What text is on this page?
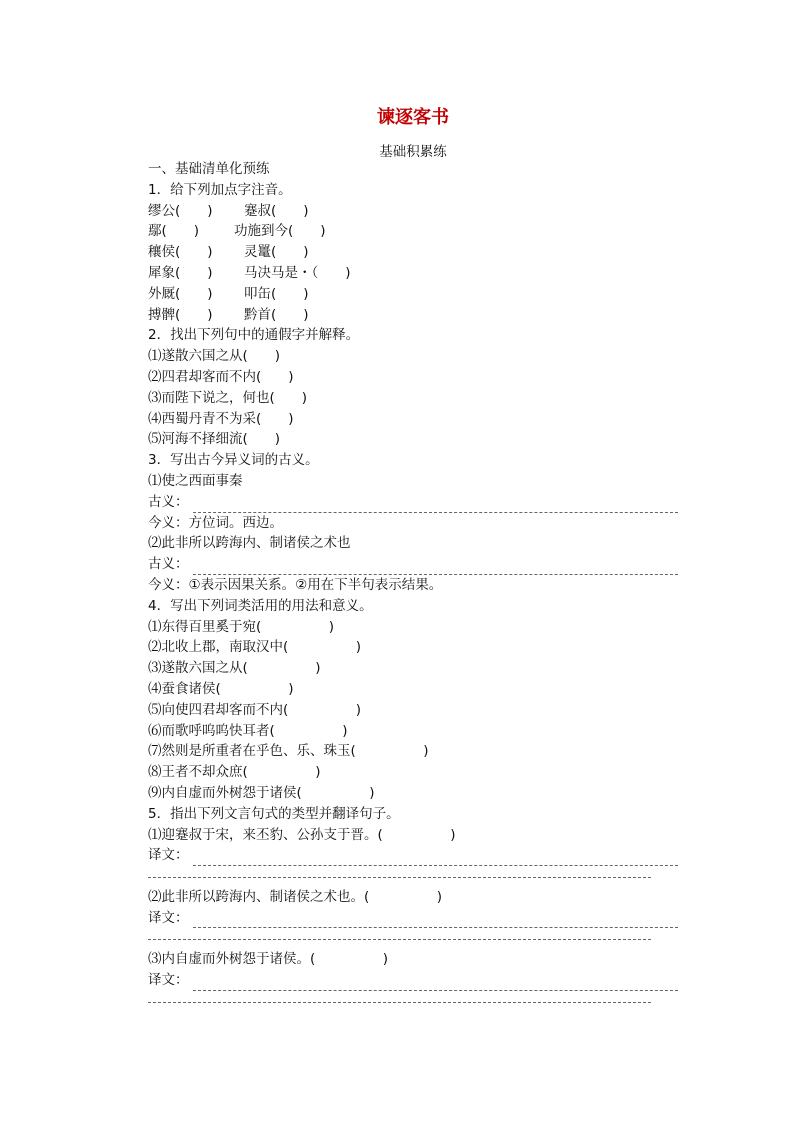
谏逐客书
基础积累练
一、基础清单化预练
1．给下列加点字注音。
缪公(　　) 蹇叔(　　)
鄢(　　)	功施到今(　　)
穰侯(　　) 灵鼍(　　)
犀象(　　) 马决马是・（　　)
外厩(　　) 叩缶(　　)
搏髀(　　) 黔首(　　)
2．找出下列句中的通假字并解释。
⑴遂散六国之从(　　)
⑵四君却客而不内(　　)
⑶而陛下说之，何也(　　)
⑷西蜀丹青不为采(　　)
⑸河海不择细流(　　)
3．写出古今异义词的古义。
⑴使之西面事秦
古义：
今义：方位词。西边。
⑵此非所以跨海内、制诸侯之术也
古义：
今义：①表示因果关系。②用在下半句表示结果。
4．写出下列词类活用的用法和意义。
⑴东得百里奚于宛(　　　　　)
⑵北收上郡，南取汉中(　　　　　)
⑶遂散六国之从(　　　　　)
⑷蚕食诸侯(　　　　　)
⑸向使四君却客而不内(　　　　　)
⑹而歌呼呜呜快耳者(　　　　　)
⑺然则是所重者在乎色、乐、珠玉(　　　　　)
⑻王者不却众庶(　　　　　)
⑼内自虚而外树怨于诸侯(　　　　　)
5．指出下列文言句式的类型并翻译句子。
⑴迎蹇叔于宋，来丕豹、公孙支于晋。(　　　　　)
译文：
⑵此非所以跨海内、制诸侯之术也。(　　　　　)
译文：
⑶内自虚而外树怨于诸侯。(　　　　　)
译文：
